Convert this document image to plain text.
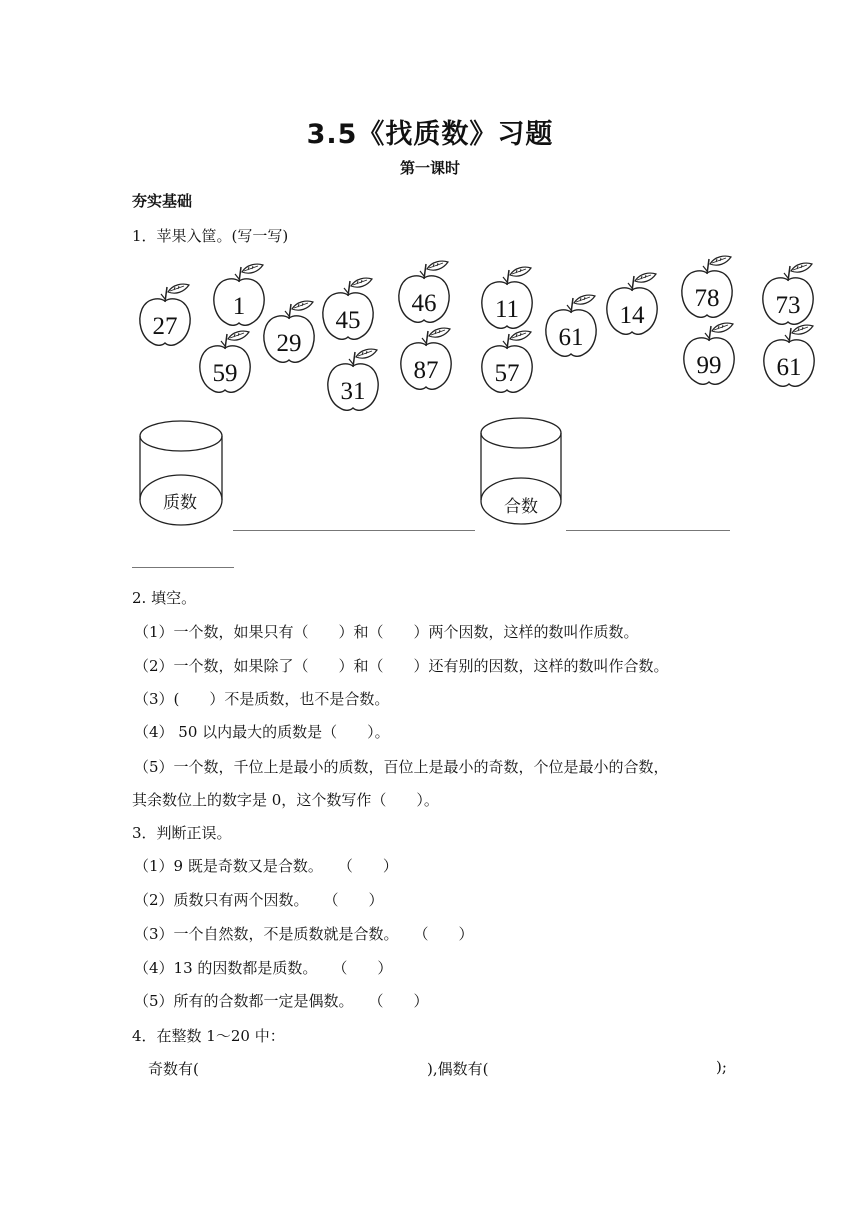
3.5《找质数》习题
第一课时
夯实基础
1．苹果入筐。(写一写)
27
1
29
45
46	11
61
14
78	73
59
31
87	57	99	61
质数	合数
2. 填空。
（1）一个数，如果只有（　　）和（　　）两个因数，这样的数叫作质数。
（2）一个数，如果除了（　　）和（　　）还有别的因数，这样的数叫作合数。
（3）(　　）不是质数，也不是合数。
（4） 50 以内最大的质数是（　　）。
（5）一个数，千位上是最小的质数，百位上是最小的奇数，个位是最小的合数，
其余数位上的数字是 0，这个数写作（　　）。
3．判断正误。
（1）9 既是奇数又是合数。　　（　　）
（2）质数只有两个因数。　　（　　）
（3）一个自然数，不是质数就是合数。　　（　　）
（4）13 的因数都是质数。　　（　　）
（5）所有的合数都一定是偶数。　　（　　）
4．在整数 1～20 中：
奇数有(	),偶数有(	);
